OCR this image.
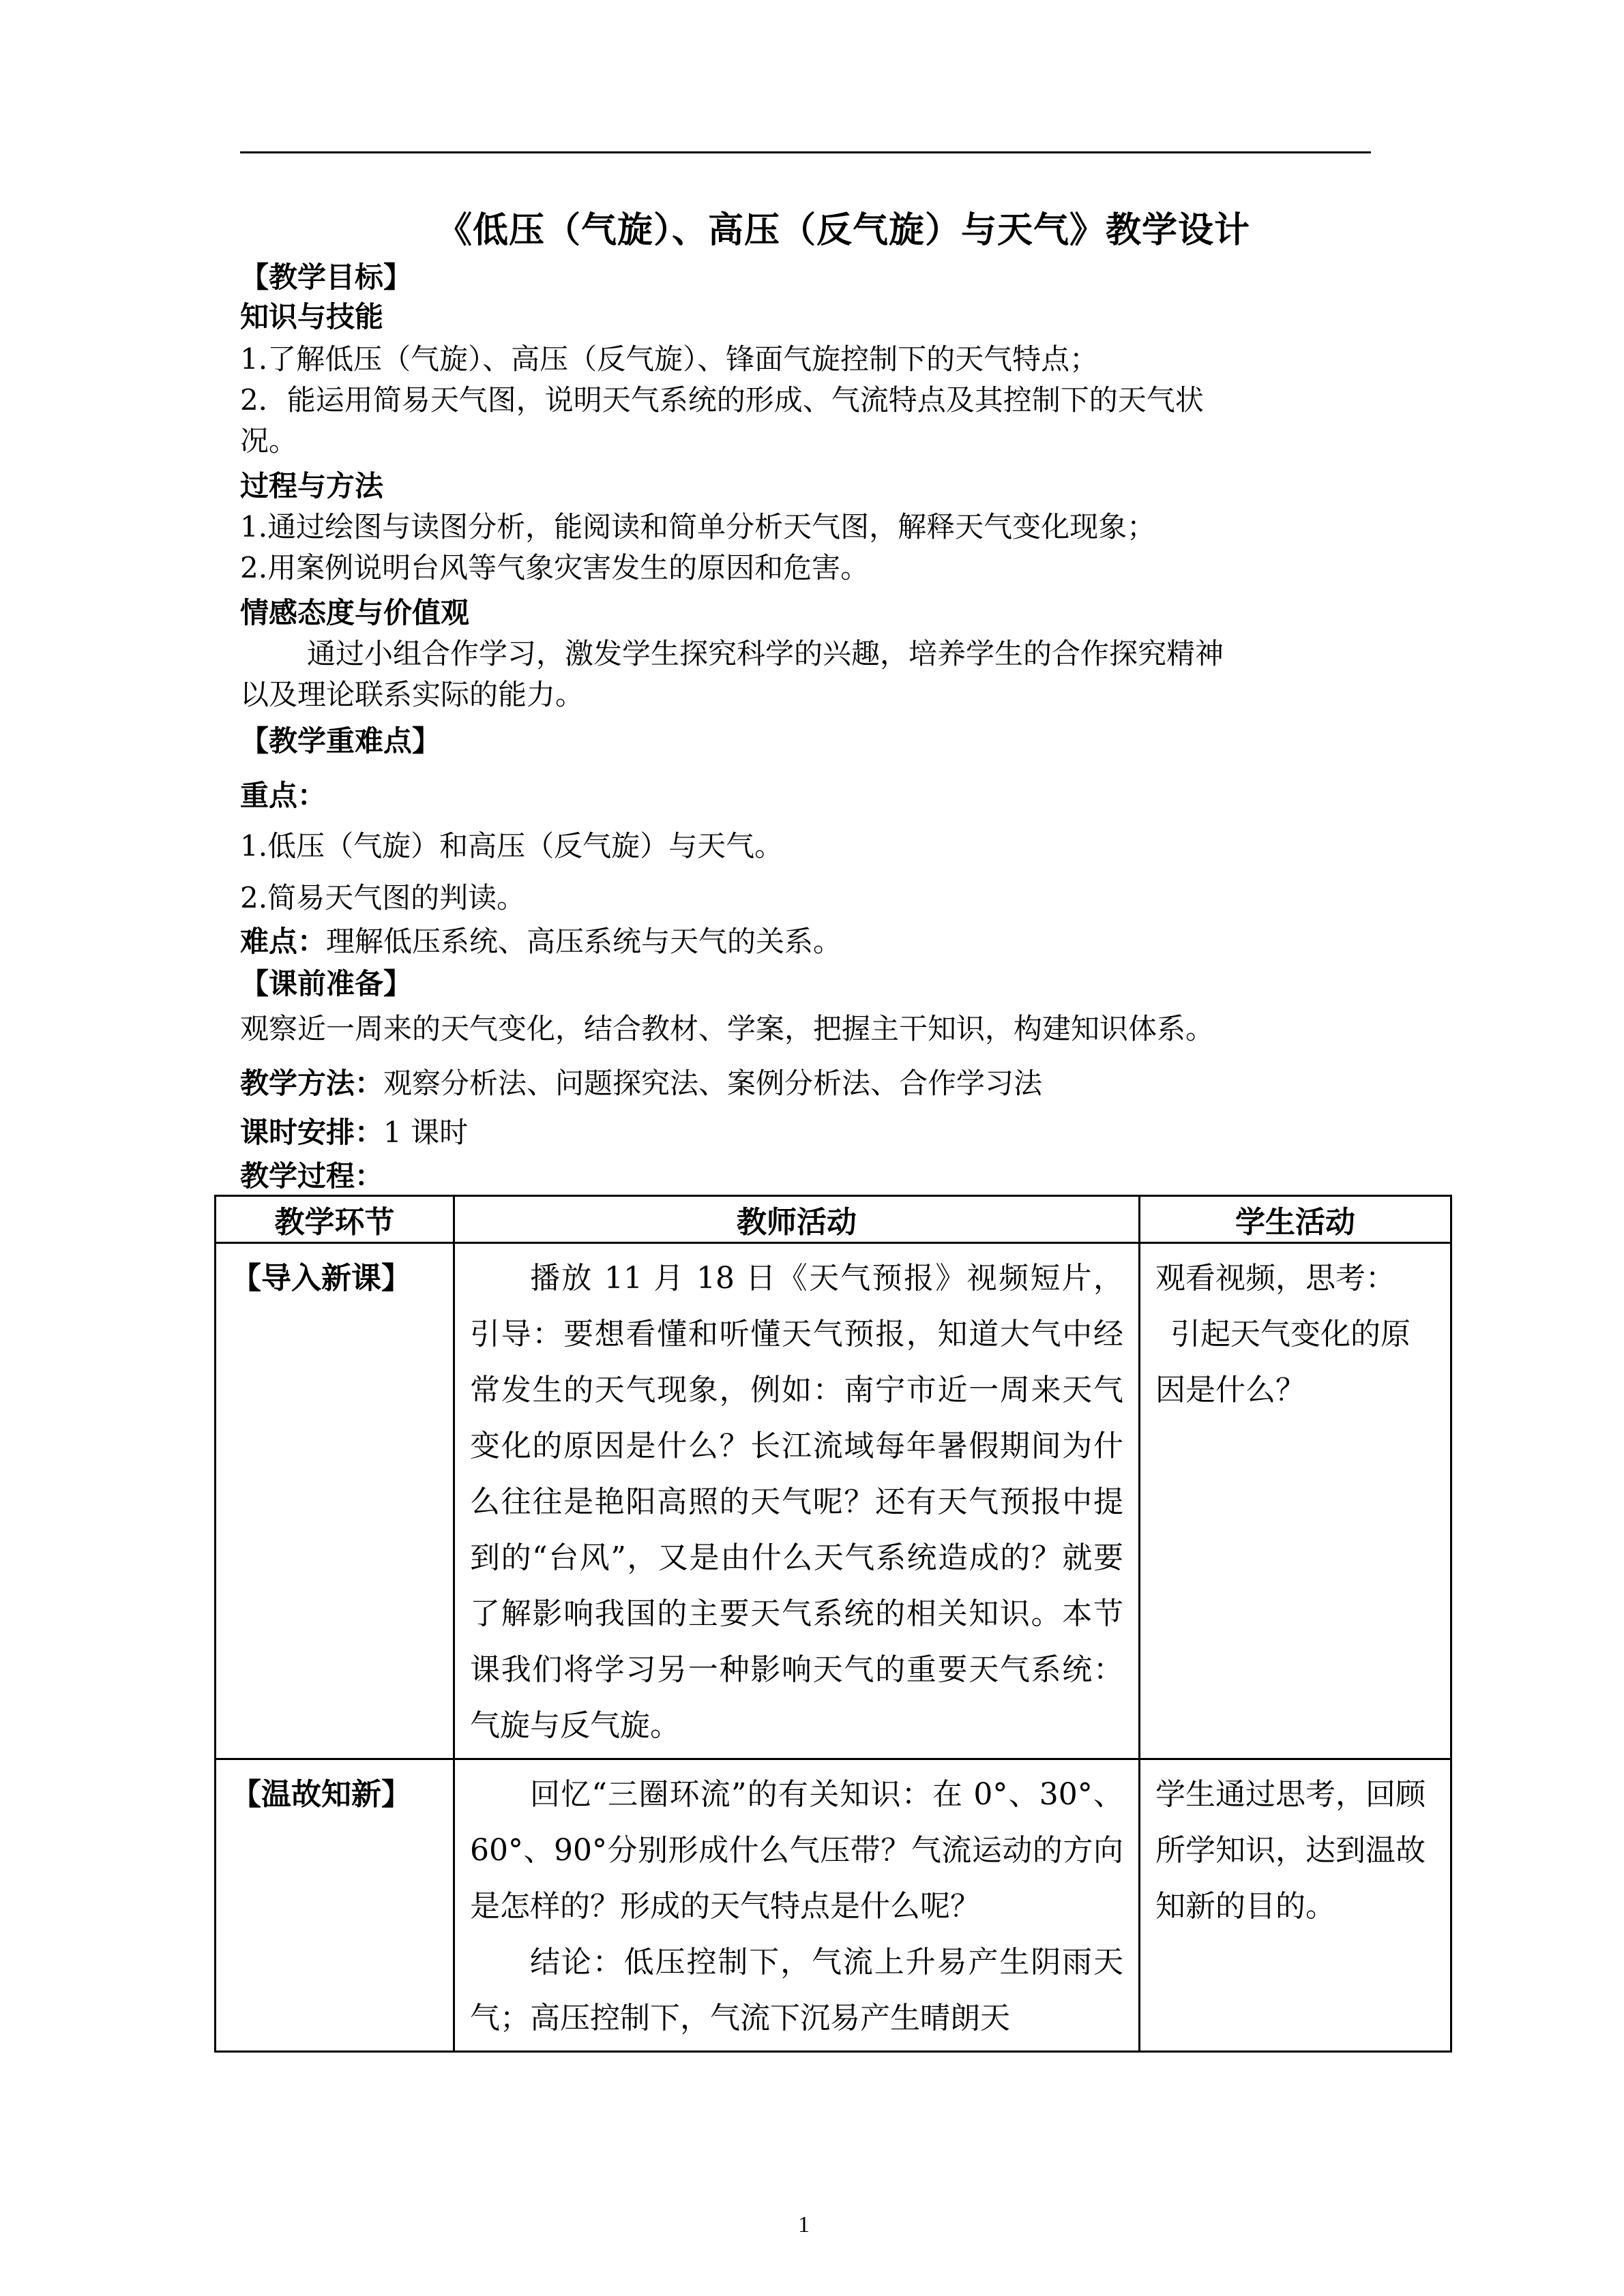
《低压（气旋）、高压（反气旋）与天气》教学设计
【教学目标】
知识与技能
1.了解低压（气旋）、高压（反气旋）、锋面气旋控制下的天气特点；
2．能运用简易天气图，说明天气系统的形成、气流特点及其控制下的天气状
况。
过程与方法
1.通过绘图与读图分析，能阅读和简单分析天气图，解释天气变化现象；
2.用案例说明台风等气象灾害发生的原因和危害。
情感态度与价值观
通过小组合作学习，激发学生探究科学的兴趣，培养学生的合作探究精神
以及理论联系实际的能力。
【教学重难点】
重点：
1.低压（气旋）和高压（反气旋）与天气。
2.简易天气图的判读。
难点：理解低压系统、高压系统与天气的关系。
【课前准备】
观察近一周来的天气变化，结合教材、学案，把握主干知识，构建知识体系。
教学方法：观察分析法、问题探究法、案例分析法、合作学习法
课时安排：1 课时
教学过程：
教学环节	教师活动	学生活动
【导入新课】	播放 11 月 18 日《天气预报》视频短片，引导：要想看懂和听懂天气预报，知道大气中经常发生的天气现象，例如：南宁市近一周来天气变化的原因是什么？长江流域每年暑假期间为什么往往是艳阳高照的天气呢？还有天气预报中提到的“台风”，又是由什么天气系统造成的？就要了解影响我国的主要天气系统的相关知识。本节课我们将学习另一种影响天气的重要天气系统：气旋与反气旋。	观看视频，思考：

引起天气变化的原因是什么？

【温故知新】	回忆“三圈环流”的有关知识：在 0°、30°、60°、90°分别形成什么气压带？气流运动的方向是怎样的？形成的天气特点是什么呢？

结论：低压控制下，气流上升易产生阴雨天气；高压控制下，气流下沉易产生晴朗天	学生通过思考，回顾所学知识，达到温故知新的目的。

1
